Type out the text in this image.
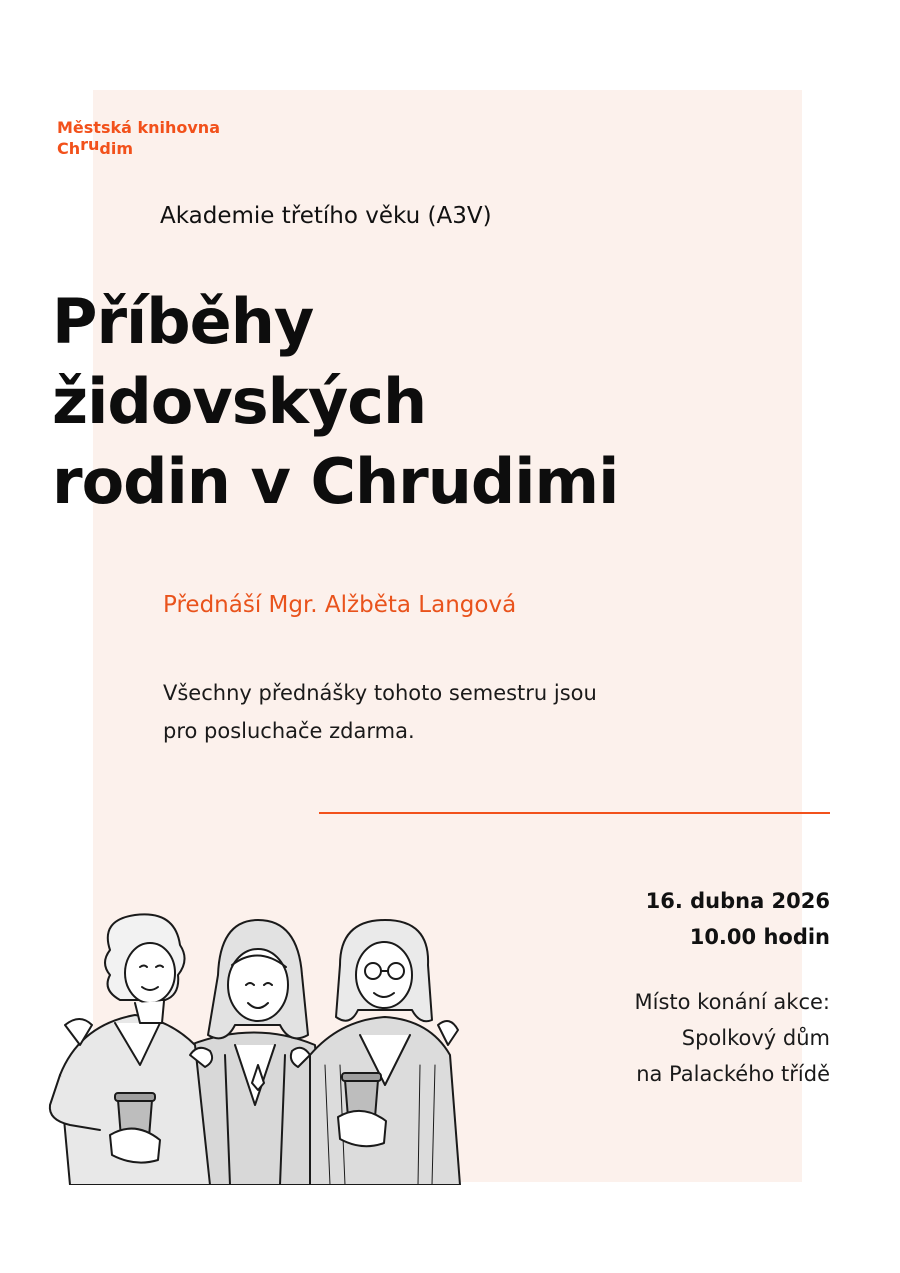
Městská knihovna
Chrudim
Akademie třetího věku (A3V)
Příběhy
židovských
rodin v Chrudimi
Přednáší Mgr. Alžběta Langová
Všechny přednášky tohoto semestru jsou
pro posluchače zdarma.
16. dubna 2026
10.00 hodin
Místo konání akce:
Spolkový dům
na Palackého třídě
